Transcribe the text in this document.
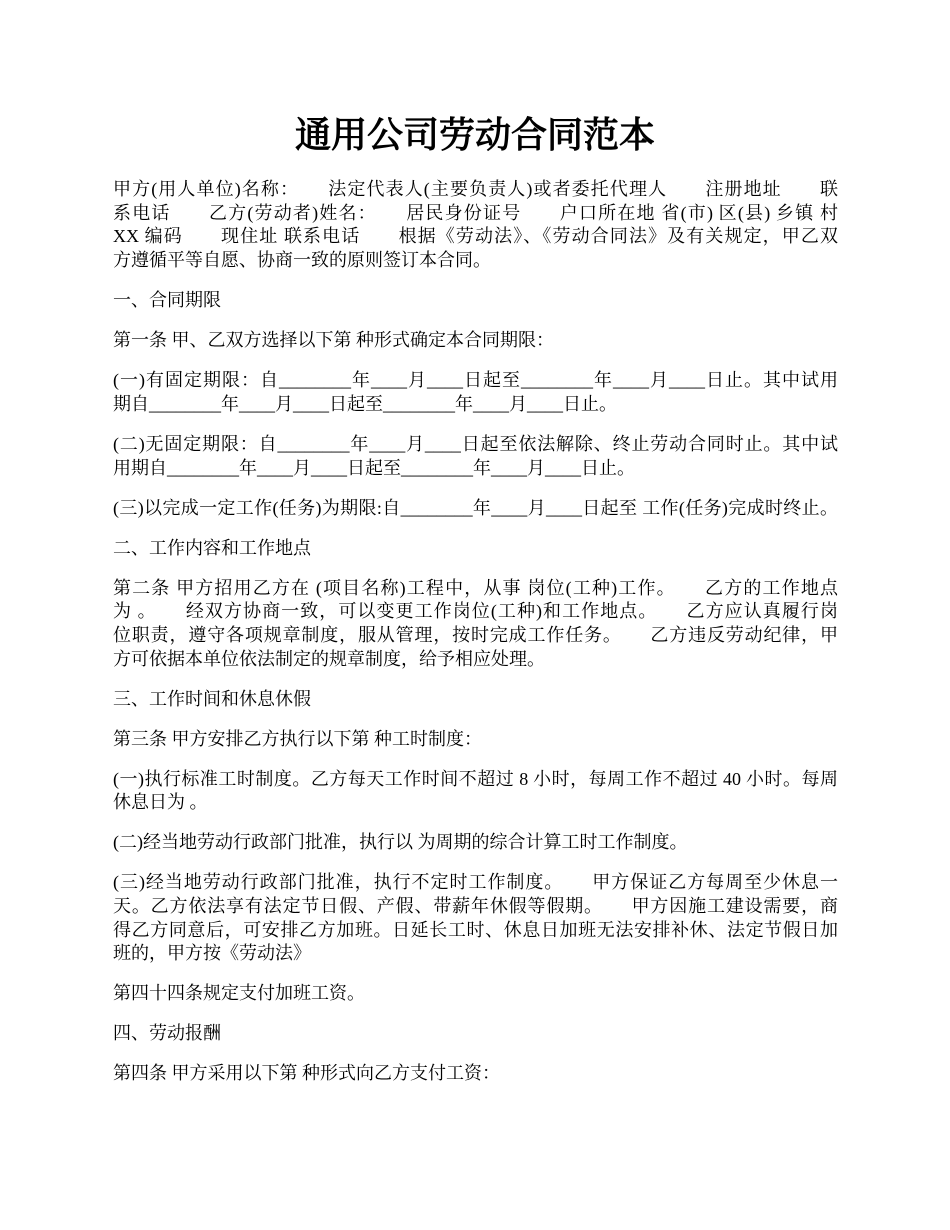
通用公司劳动合同范本
甲方(用人单位)名称：　　法定代表人(主要负责人)或者委托代理人　　注册地址　　联
系电话　　乙方(劳动者)姓名：　　居民身份证号　　户口所在地 省(市) 区(县) 乡镇 村
XX 编码　　现住址 联系电话　　根据《劳动法》、《劳动合同法》及有关规定，甲乙双
方遵循平等自愿、协商一致的原则签订本合同。
一、合同期限
第一条 甲、乙双方选择以下第 种形式确定本合同期限：
(一)有固定期限：自________年____月____日起至________年____月____日止。其中试用
期自________年____月____日起至________年____月____日止。
(二)无固定期限：自________年____月____日起至依法解除、终止劳动合同时止。其中试
用期自________年____月____日起至________年____月____日止。
(三)以完成一定工作(任务)为期限:自________年____月____日起至 工作(任务)完成时终止。
二、工作内容和工作地点
第二条 甲方招用乙方在 (项目名称)工程中，从事 岗位(工种)工作。　　乙方的工作地点
为 。　　经双方协商一致，可以变更工作岗位(工种)和工作地点。　　乙方应认真履行岗
位职责，遵守各项规章制度，服从管理，按时完成工作任务。　　乙方违反劳动纪律，甲
方可依据本单位依法制定的规章制度，给予相应处理。
三、工作时间和休息休假
第三条 甲方安排乙方执行以下第 种工时制度：
(一)执行标准工时制度。乙方每天工作时间不超过 8 小时，每周工作不超过 40 小时。每周
休息日为 。
(二)经当地劳动行政部门批准，执行以 为周期的综合计算工时工作制度。
(三)经当地劳动行政部门批准，执行不定时工作制度。　　甲方保证乙方每周至少休息一
天。乙方依法享有法定节日假、产假、带薪年休假等假期。　　甲方因施工建设需要，商
得乙方同意后，可安排乙方加班。日延长工时、休息日加班无法安排补休、法定节假日加
班的，甲方按《劳动法》
第四十四条规定支付加班工资。
四、劳动报酬
第四条 甲方采用以下第 种形式向乙方支付工资：
